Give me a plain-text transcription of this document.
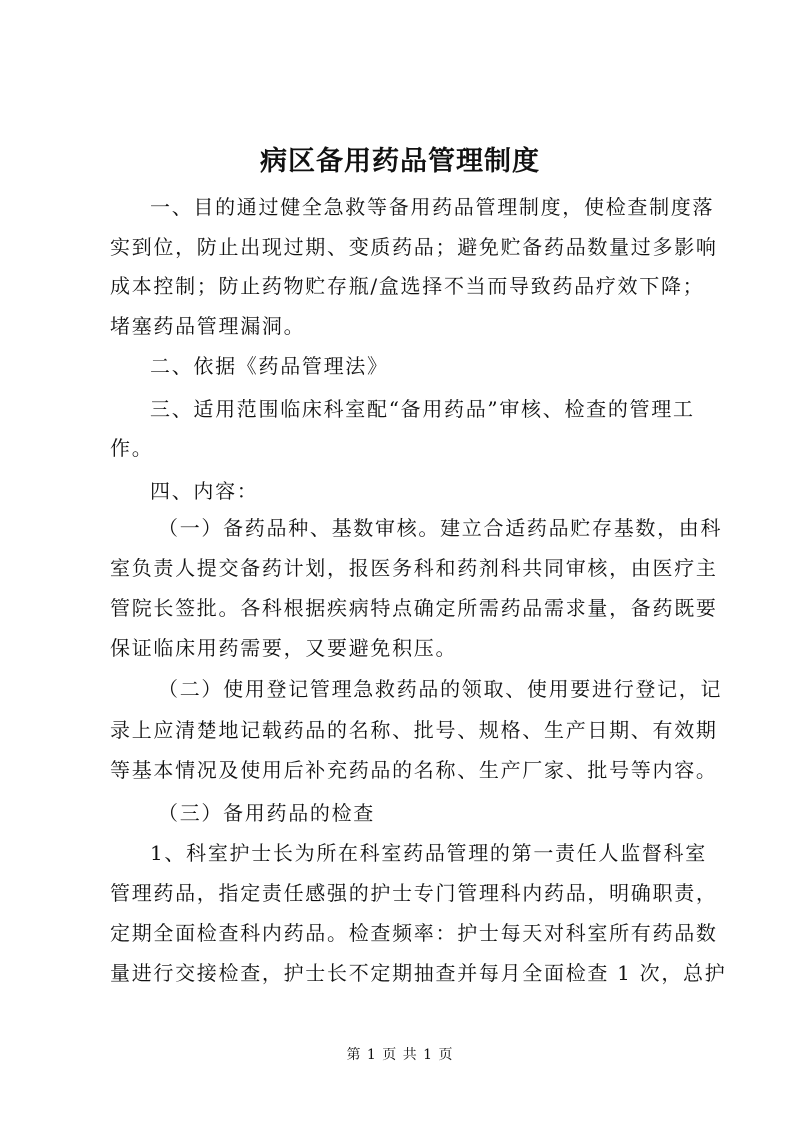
病区备用药品管理制度
一、目的通过健全急救等备用药品管理制度，使检查制度落
实到位，防止出现过期、变质药品；避免贮备药品数量过多影响
成本控制；防止药物贮存瓶/盒选择不当而导致药品疗效下降；
堵塞药品管理漏洞。
二、依据《药品管理法》
三、适用范围临床科室配“备用药品”审核、检查的管理工
作。
四、内容：
（一）备药品种、基数审核。建立合适药品贮存基数，由科
室负责人提交备药计划，报医务科和药剂科共同审核，由医疗主
管院长签批。各科根据疾病特点确定所需药品需求量，备药既要
保证临床用药需要，又要避免积压。
（二）使用登记管理急救药品的领取、使用要进行登记，记
录上应清楚地记载药品的名称、批号、规格、生产日期、有效期
等基本情况及使用后补充药品的名称、生产厂家、批号等内容。
（三）备用药品的检查
1、科室护士长为所在科室药品管理的第一责任人监督科室
管理药品，指定责任感强的护士专门管理科内药品，明确职责，
定期全面检查科内药品。检查频率：护士每天对科室所有药品数
量进行交接检查，护士长不定期抽查并每月全面检查 1 次，总护
第 1 页 共 1 页
